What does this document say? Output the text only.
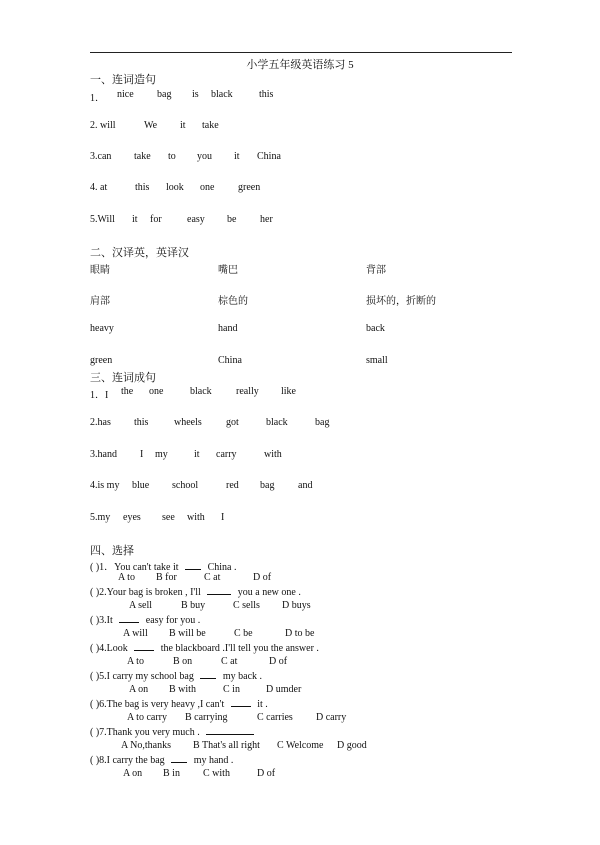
小学五年级英语练习 5
一、连词造句
1． nice bag is black	this
2. will	We it take
3.can take to you it China
4. at	this look one green
5.Will it for	easy be her
二、汉译英，英译汉
眼睛	嘴巴	背部
肩部	棕色的	损坏的，折断的
heavy	hand	back
green	China	small
三、连词成句
1．I the one	black really like
2.has this	wheels got	black	bag
3.hand I my	it carry	with
4.is my blue school	red bag and
5.my eyes see with I
四、选择
( )1．You can't take it	China .
A to B for	C at	D of
( )2.Your bag is broken , I'll	you a new one .
A sell	B buy	C sells D buys
( )3.It	easy for you .
A will B will be	C be	D to be
( )4.Look	the blackboard .I'll tell you the answer .
A to	B on	C at	D of
( )5.I carry my school bag	my back .
A on B with	C in	D umder
( )6.The bag is very heavy ,I can't	it .
A to carry B carrying	C carries D carry
( )7.Thank you very much .
A No,thanks B That's all right C Welcome D good
( )8.I carry the bag	my hand .
A on B in C with	D of
